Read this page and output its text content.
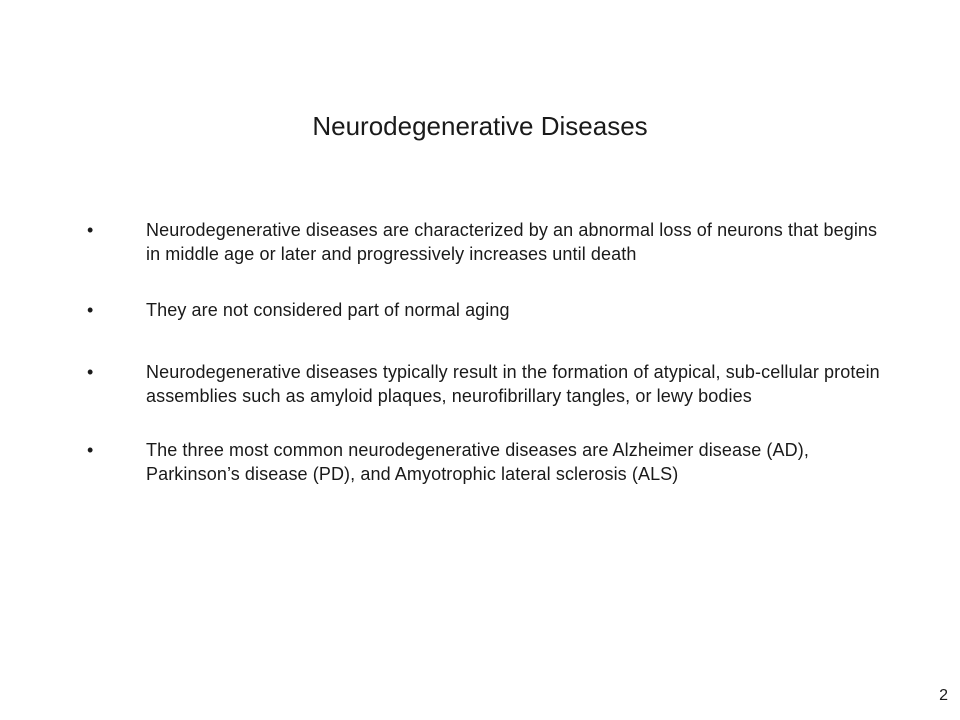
Neurodegenerative Diseases
•	Neurodegenerative diseases are characterized by an abnormal loss of neurons that begins in middle age or later and progressively increases until death
•	They are not considered part of normal aging
•	Neurodegenerative diseases typically result in the formation of atypical, sub-cellular protein assemblies such as amyloid plaques, neurofibrillary tangles, or lewy bodies
•	The three most common neurodegenerative diseases are Alzheimer disease (AD), Parkinson’s disease (PD), and Amyotrophic lateral sclerosis (ALS)
2
